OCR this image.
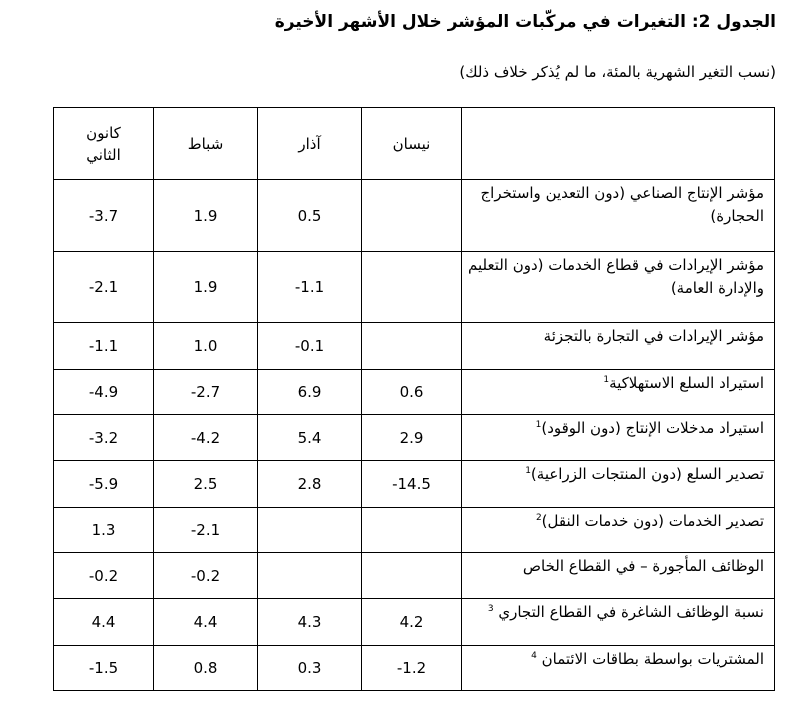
الجدول 2: التغيرات في مركّبات المؤشر خلال الأشهر الأخيرة
(نسب التغير الشهرية بالمئة، ما لم يُذكر خلاف ذلك)
	نيسان	آذار	شباط	كانون الثاني

مؤشر الإنتاج الصناعي (دون التعدين واستخراج الحجارة)		0.5	1.9	3.7-

مؤشر الإيرادات في قطاع الخدمات (دون التعليم والإدارة العامة)		1.1-	1.9	2.1-

مؤشر الإيرادات في التجارة بالتجزئة		0.1-	1.0	1.1-

استيراد السلع الاستهلاكية$^1$	0.6	6.9	2.7-	4.9-

استيراد مدخلات الإنتاج (دون الوقود)$^1$	2.9	5.4	4.2-	3.2-

تصدير السلع (دون المنتجات الزراعية)$^1$	14.5-	2.8	2.5	5.9-

تصدير الخدمات (دون خدمات النقل)$^2$			2.1-	1.3

الوظائف المأجورة – في القطاع الخاص			0.2-	0.2-

نسبة الوظائف الشاغرة في القطاع التجاري $^3$	4.2	4.3	4.4	4.4

المشتريات بواسطة بطاقات الائتمان $^4$	1.2-	0.3	0.8	1.5-
